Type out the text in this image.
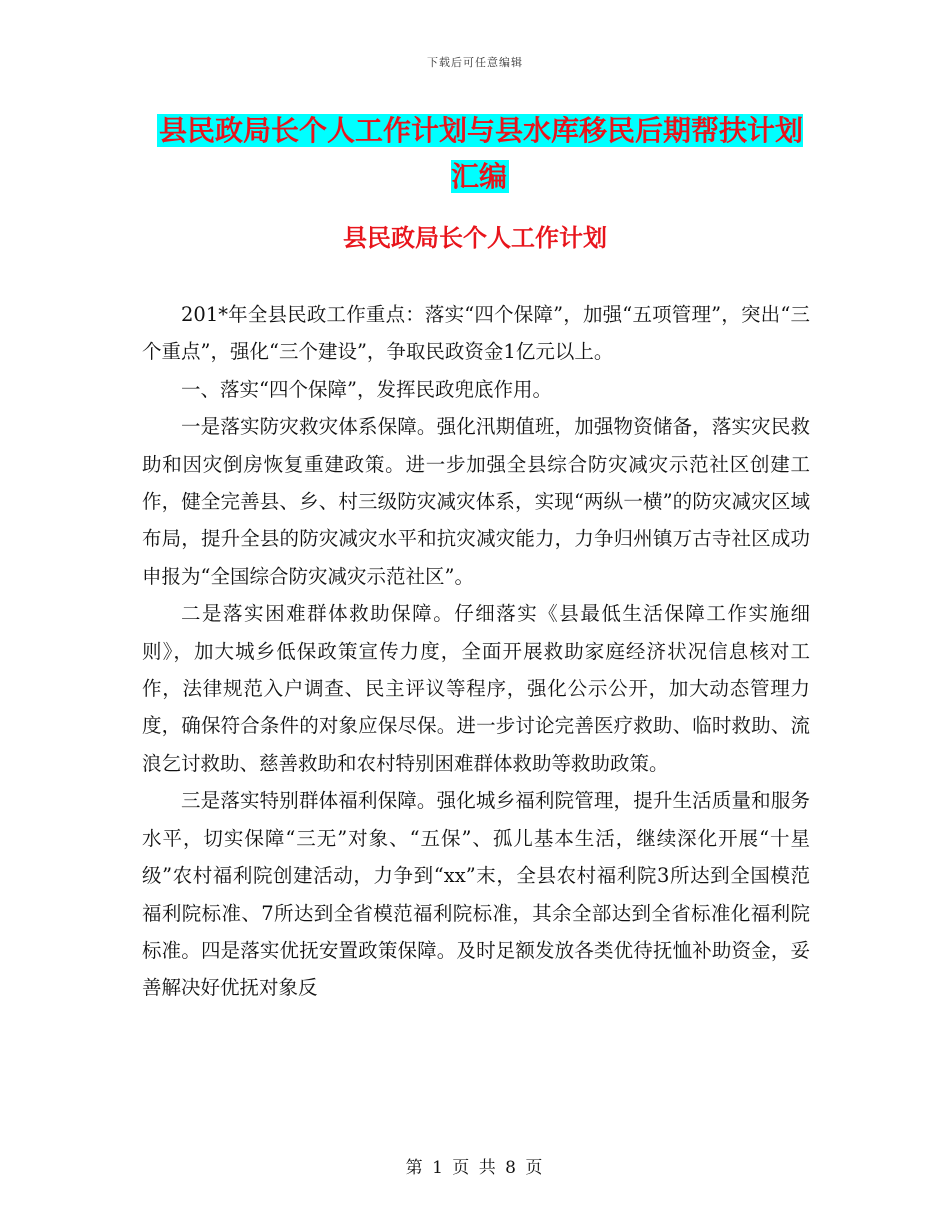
下载后可任意编辑
县民政局长个人工作计划与县水库移民后期帮扶计划汇编
县民政局长个人工作计划

201*年全县民政工作重点：落实“四个保障”，加强“五项管理”，突出“三个重点”，强化“三个建设”，争取民政资金1亿元以上。

一、落实“四个保障”，发挥民政兜底作用。

一是落实防灾救灾体系保障。强化汛期值班，加强物资储备，落实灾民救助和因灾倒房恢复重建政策。进一步加强全县综合防灾减灾示范社区创建工作，健全完善县、乡、村三级防灾减灾体系，实现“两纵一横”的防灾减灾区域布局，提升全县的防灾减灾水平和抗灾减灾能力，力争归州镇万古寺社区成功申报为“全国综合防灾减灾示范社区”。

二是落实困难群体救助保障。仔细落实《县最低生活保障工作实施细则》，加大城乡低保政策宣传力度，全面开展救助家庭经济状况信息核对工作，法律规范入户调查、民主评议等程序，强化公示公开，加大动态管理力度，确保符合条件的对象应保尽保。进一步讨论完善医疗救助、临时救助、流浪乞讨救助、慈善救助和农村特别困难群体救助等救助政策。

三是落实特别群体福利保障。强化城乡福利院管理，提升生活质量和服务水平，切实保障“三无”对象、“五保”、孤儿基本生活，继续深化开展“十星级”农村福利院创建活动，力争到“xx”末，全县农村福利院3所达到全国模范福利院标准、7所达到全省模范福利院标准，其余全部达到全省标准化福利院标准。四是落实优抚安置政策保障。及时足额发放各类优待抚恤补助资金，妥善解决好优抚对象反

第 1 页 共 8 页
